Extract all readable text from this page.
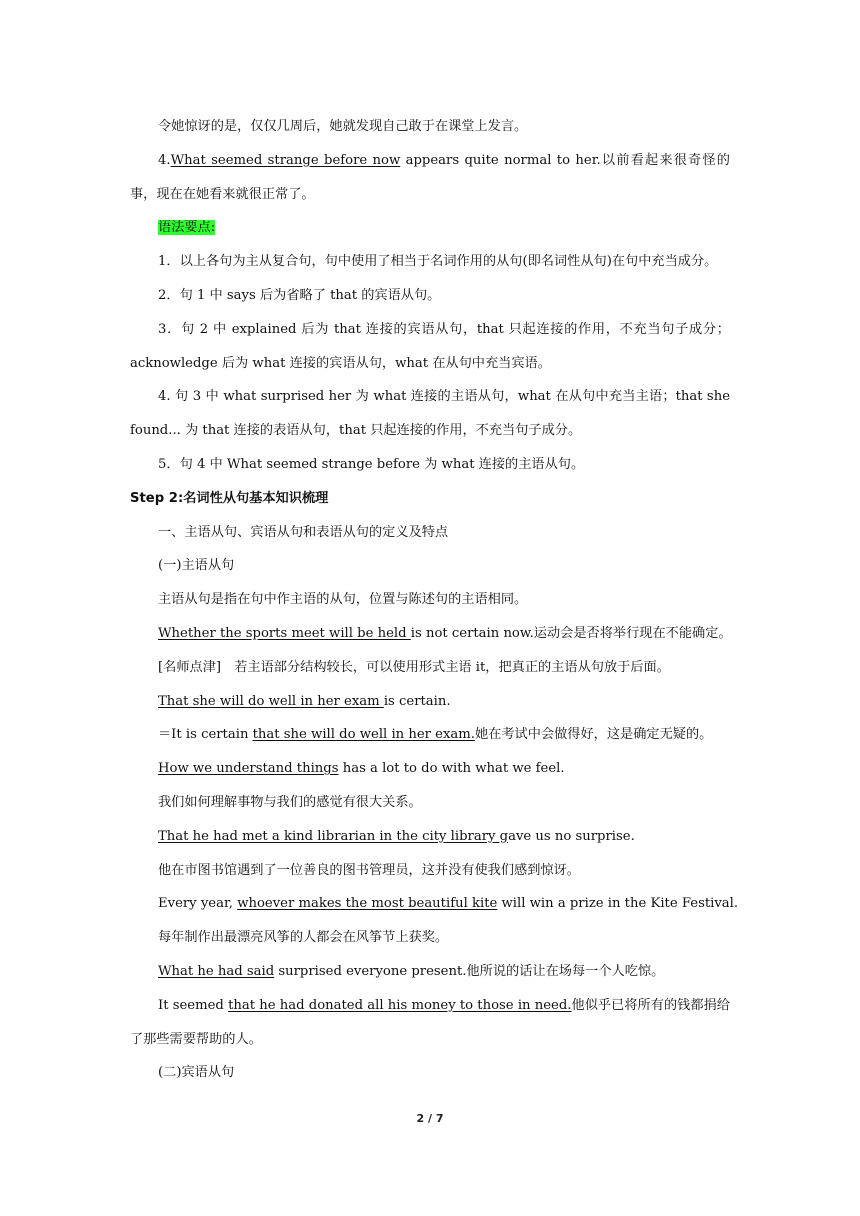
令她惊讶的是，仅仅几周后，她就发现自己敢于在课堂上发言。

4.What seemed strange before now appears quite normal to her.以前看起来很奇怪的事，现在在她看来就很正常了。

语法要点:

1．以上各句为主从复合句，句中使用了相当于名词作用的从句(即名词性从句)在句中充当成分。

2．句 1 中 says 后为省略了 that 的宾语从句。

3．句 2 中 explained 后为 that 连接的宾语从句，that 只起连接的作用，不充当句子成分；acknowledge 后为 what 连接的宾语从句，what 在从句中充当宾语。

4. 句 3 中 what surprised her 为 what 连接的主语从句，what 在从句中充当主语；that she found... 为 that 连接的表语从句，that 只起连接的作用，不充当句子成分。

5．句 4 中 What seemed strange before 为 what 连接的主语从句。

Step 2:名词性从句基本知识梳理

一、主语从句、宾语从句和表语从句的定义及特点

(一)主语从句

主语从句是指在句中作主语的从句，位置与陈述句的主语相同。

Whether the sports meet will be held is not certain now.运动会是否将举行现在不能确定。

[名师点津]　若主语部分结构较长，可以使用形式主语 it，把真正的主语从句放于后面。

That she will do well in her exam is certain.

＝It is certain that she will do well in her exam.她在考试中会做得好，这是确定无疑的。

How we understand things has a lot to do with what we feel.

我们如何理解事物与我们的感觉有很大关系。

That he had met a kind librarian in the city library gave us no surprise.

他在市图书馆遇到了一位善良的图书管理员，这并没有使我们感到惊讶。

Every year, whoever makes the most beautiful kite will win a prize in the Kite Festival.

每年制作出最漂亮风筝的人都会在风筝节上获奖。

What he had said surprised everyone present.他所说的话让在场每一个人吃惊。

It seemed that he had donated all his money to those in need.他似乎已将所有的钱都捐给了那些需要帮助的人。

(二)宾语从句

2 / 7
